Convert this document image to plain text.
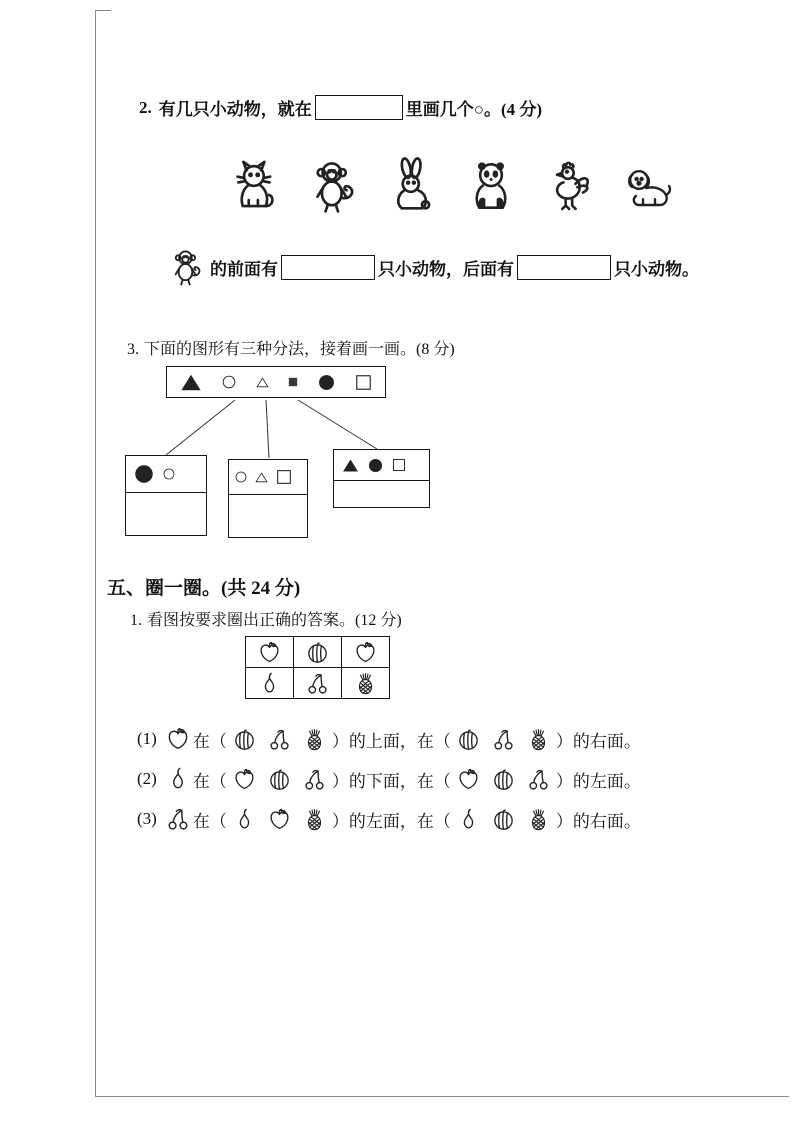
2. 有几只小动物，就在	里画几个○。(4 分)
的前面有	只小动物，后面有	只小动物。
3. 下面的图形有三种分法，接着画一画。(8 分)
五、圈一圈。(共 24 分)
1. 看图按要求圈出正确的答案。(12 分)

(1) 在（	）的上面，在（	）的右面。
(2) 在（	）的下面，在（	）的左面。
(3) 在（	）的左面，在（	）的右面。
